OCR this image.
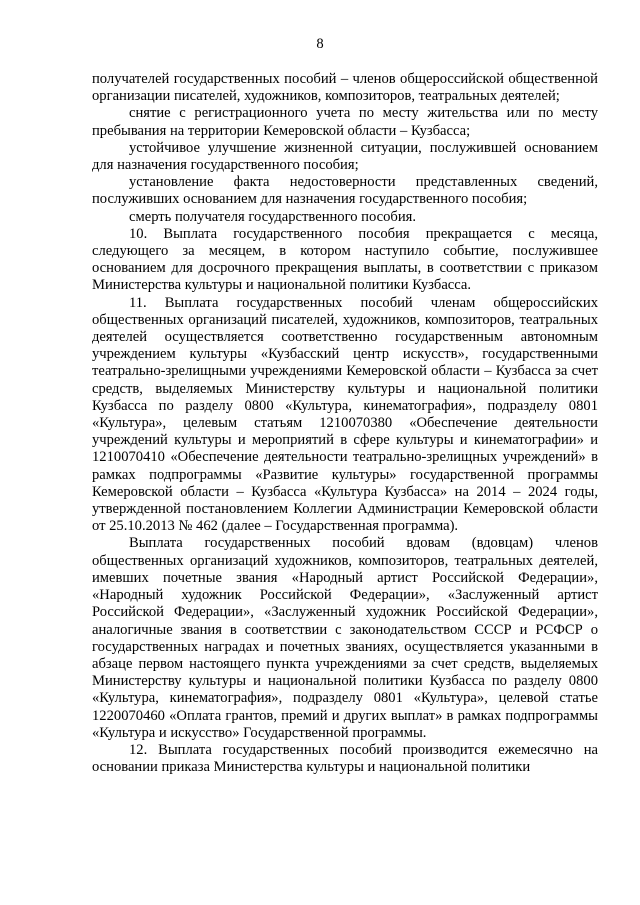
8

получателей государственных пособий – членов общероссийской общественной организации писателей, художников, композиторов, театральных деятелей;

снятие с регистрационного учета по месту жительства или по месту пребывания на территории Кемеровской области – Кузбасса;

устойчивое улучшение жизненной ситуации, послужившей основанием для назначения государственного пособия;

установление факта недостоверности представленных сведений, послуживших основанием для назначения государственного пособия;

смерть получателя государственного пособия.

10. Выплата государственного пособия прекращается с месяца, следующего за месяцем, в котором наступило событие, послужившее основанием для досрочного прекращения выплаты, в соответствии с приказом Министерства культуры и национальной политики Кузбасса.

11. Выплата государственных пособий членам общероссийских общественных организаций писателей, художников, композиторов, театральных деятелей осуществляется соответственно государственным автономным учреждением культуры «Кузбасский центр искусств», государственными театрально-зрелищными учреждениями Кемеровской области – Кузбасса за счет средств, выделяемых Министерству культуры и национальной политики Кузбасса по разделу 0800 «Культура, кинематография», подразделу 0801 «Культура», целевым статьям 1210070380 «Обеспечение деятельности учреждений культуры и мероприятий в сфере культуры и кинематографии» и 1210070410 «Обеспечение деятельности театрально-зрелищных учреждений» в рамках подпрограммы «Развитие культуры» государственной программы Кемеровской области – Кузбасса «Культура Кузбасса» на 2014 – 2024 годы, утвержденной постановлением Коллегии Администрации Кемеровской области от 25.10.2013 № 462 (далее – Государственная программа).

Выплата государственных пособий вдовам (вдовцам) членов общественных организаций художников, композиторов, театральных деятелей, имевших почетные звания «Народный артист Российской Федерации», «Народный художник Российской Федерации», «Заслуженный артист Российской Федерации», «Заслуженный художник Российской Федерации», аналогичные звания в соответствии с законодательством СССР и РСФСР о государственных наградах и почетных званиях, осуществляется указанными в абзаце первом настоящего пункта учреждениями за счет средств, выделяемых Министерству культуры и национальной политики Кузбасса по разделу 0800 «Культура, кинематография», подразделу 0801 «Культура», целевой статье 1220070460 «Оплата грантов, премий и других выплат» в рамках подпрограммы «Культура и искусство» Государственной программы.

12. Выплата государственных пособий производится ежемесячно на основании приказа Министерства культуры и национальной политики
